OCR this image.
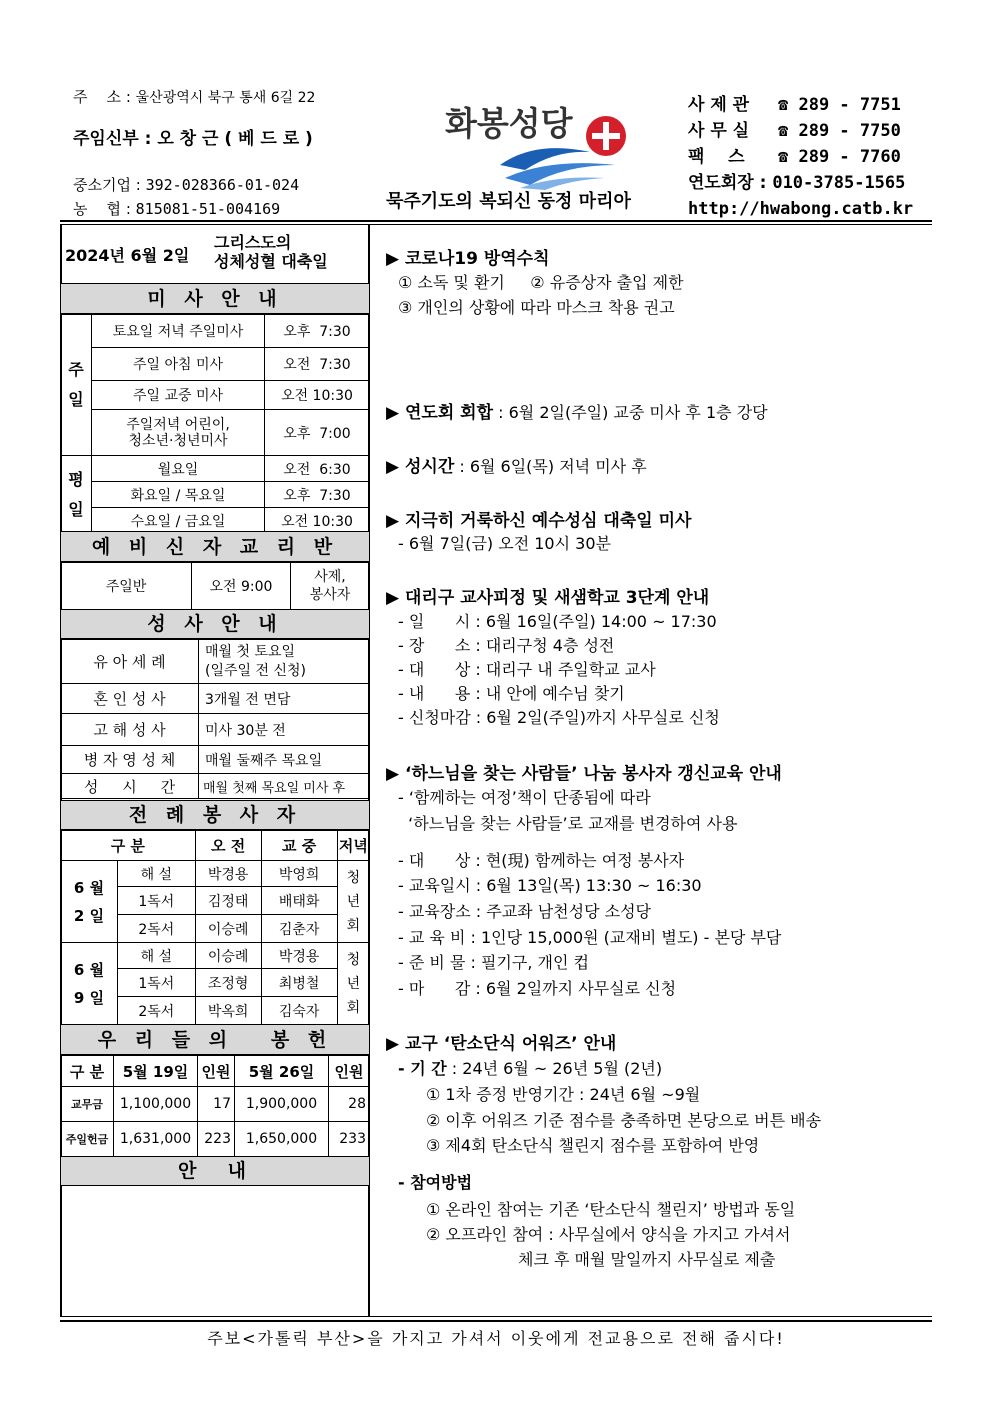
주    소 : 울산광역시 북구 통새 6길 22
주임신부 : 오 창 근 ( 베 드 로 )
중소기업 : 392-028366-01-024
농    협 : 815081-51-004169
화봉성당
묵주기도의 복되신 동정 마리아
사 제 관 ☎ 289 - 7751
사 무 실 ☎ 289 - 7750
팩    스 ☎ 289 - 7760
연도회장 : 010-3785-1565
http://hwabong.catb.kr
2024년 6월 2일
그리스도의
성체성혈 대축일
미 사 안 내
주
일	토요일 저녁 주일미사	오후  7:30
	주일 아침 미사	오전  7:30
	주일 교중 미사	오전 10:30
	주일저녁 어린이,
청소년·청년미사	오후  7:00
평
일	월요일	오전  6:30
	화요일 / 목요일	오후  7:30
	수요일 / 금요일	오전 10:30
예 비 신 자 교 리 반
주일반	오전 9:00	사제,
봉사자
성 사 안 내
유 아 세 례	매월 첫 토요일
(일주일 전 신청)
혼 인 성 사	3개월 전 면담
고 해 성 사	미사 30분 전
병 자 영 성 체	매월 둘째주 목요일
성     시     간	매월 첫째 목요일 미사 후
전 례 봉 사 자
구 분		오 전	교 중	저녁
6 월
2 일	해 설	박경용	박영희	청
년
회
	1독서	김정태	배태화	
	2독서	이승례	김춘자	
6 월
9 일	해 설	이승례	박경용	청
년
회
	1독서	조정형	최병철	
	2독서	박옥희	김숙자	
우 리 들 의   봉 헌
구 분	5월 19일	인원	5월 26일	인원
교무금	1,100,000	17	1,900,000	28
주일헌금	1,631,000	223	1,650,000	233
안  내
주보<가톨릭 부산>을 가지고 가셔서 이웃에게 전교용으로 전해 줍시다!
▶ 코로나19 방역수칙
① 소독 및 환기     ② 유증상자 출입 제한
③ 개인의 상황에 따라 마스크 착용 권고
▶ 연도회 회합 : 6월 2일(주일) 교중 미사 후 1층 강당
▶ 성시간 : 6월 6일(목) 저녁 미사 후
▶ 지극히 거룩하신 예수성심 대축일 미사
- 6월 7일(금) 오전 10시 30분
▶ 대리구 교사피정 및 새샘학교 3단계 안내
- 일      시 : 6월 16일(주일) 14:00 ~ 17:30
- 장      소 : 대리구청 4층 성전
- 대      상 : 대리구 내 주일학교 교사
- 내      용 : 내 안에 예수님 찾기
- 신청마감 : 6월 2일(주일)까지 사무실로 신청
▶ ‘하느님을 찾는 사람들’ 나눔 봉사자 갱신교육 안내
- ‘함께하는 여정’책이 단종됨에 따라
‘하느님을 찾는 사람들’로 교재를 변경하여 사용
- 대      상 : 현(現) 함께하는 여정 봉사자
- 교육일시 : 6월 13일(목) 13:30 ~ 16:30
- 교육장소 : 주교좌 남천성당 소성당
- 교 육 비 : 1인당 15,000원 (교재비 별도) - 본당 부담
- 준 비 물 : 필기구, 개인 컵
- 마      감 : 6월 2일까지 사무실로 신청
▶ 교구 ‘탄소단식 어워즈’ 안내
- 기 간 : 24년 6월 ~ 26년 5월 (2년)
① 1차 증정 반영기간 : 24년 6월 ~9월
② 이후 어워즈 기준 점수를 충족하면 본당으로 버튼 배송
③ 제4회 탄소단식 챌린지 점수를 포함하여 반영
- 참여방법
① 온라인 참여는 기존 ‘탄소단식 챌린지’ 방법과 동일
② 오프라인 참여 : 사무실에서 양식을 가지고 가셔서
체크 후 매월 말일까지 사무실로 제출
